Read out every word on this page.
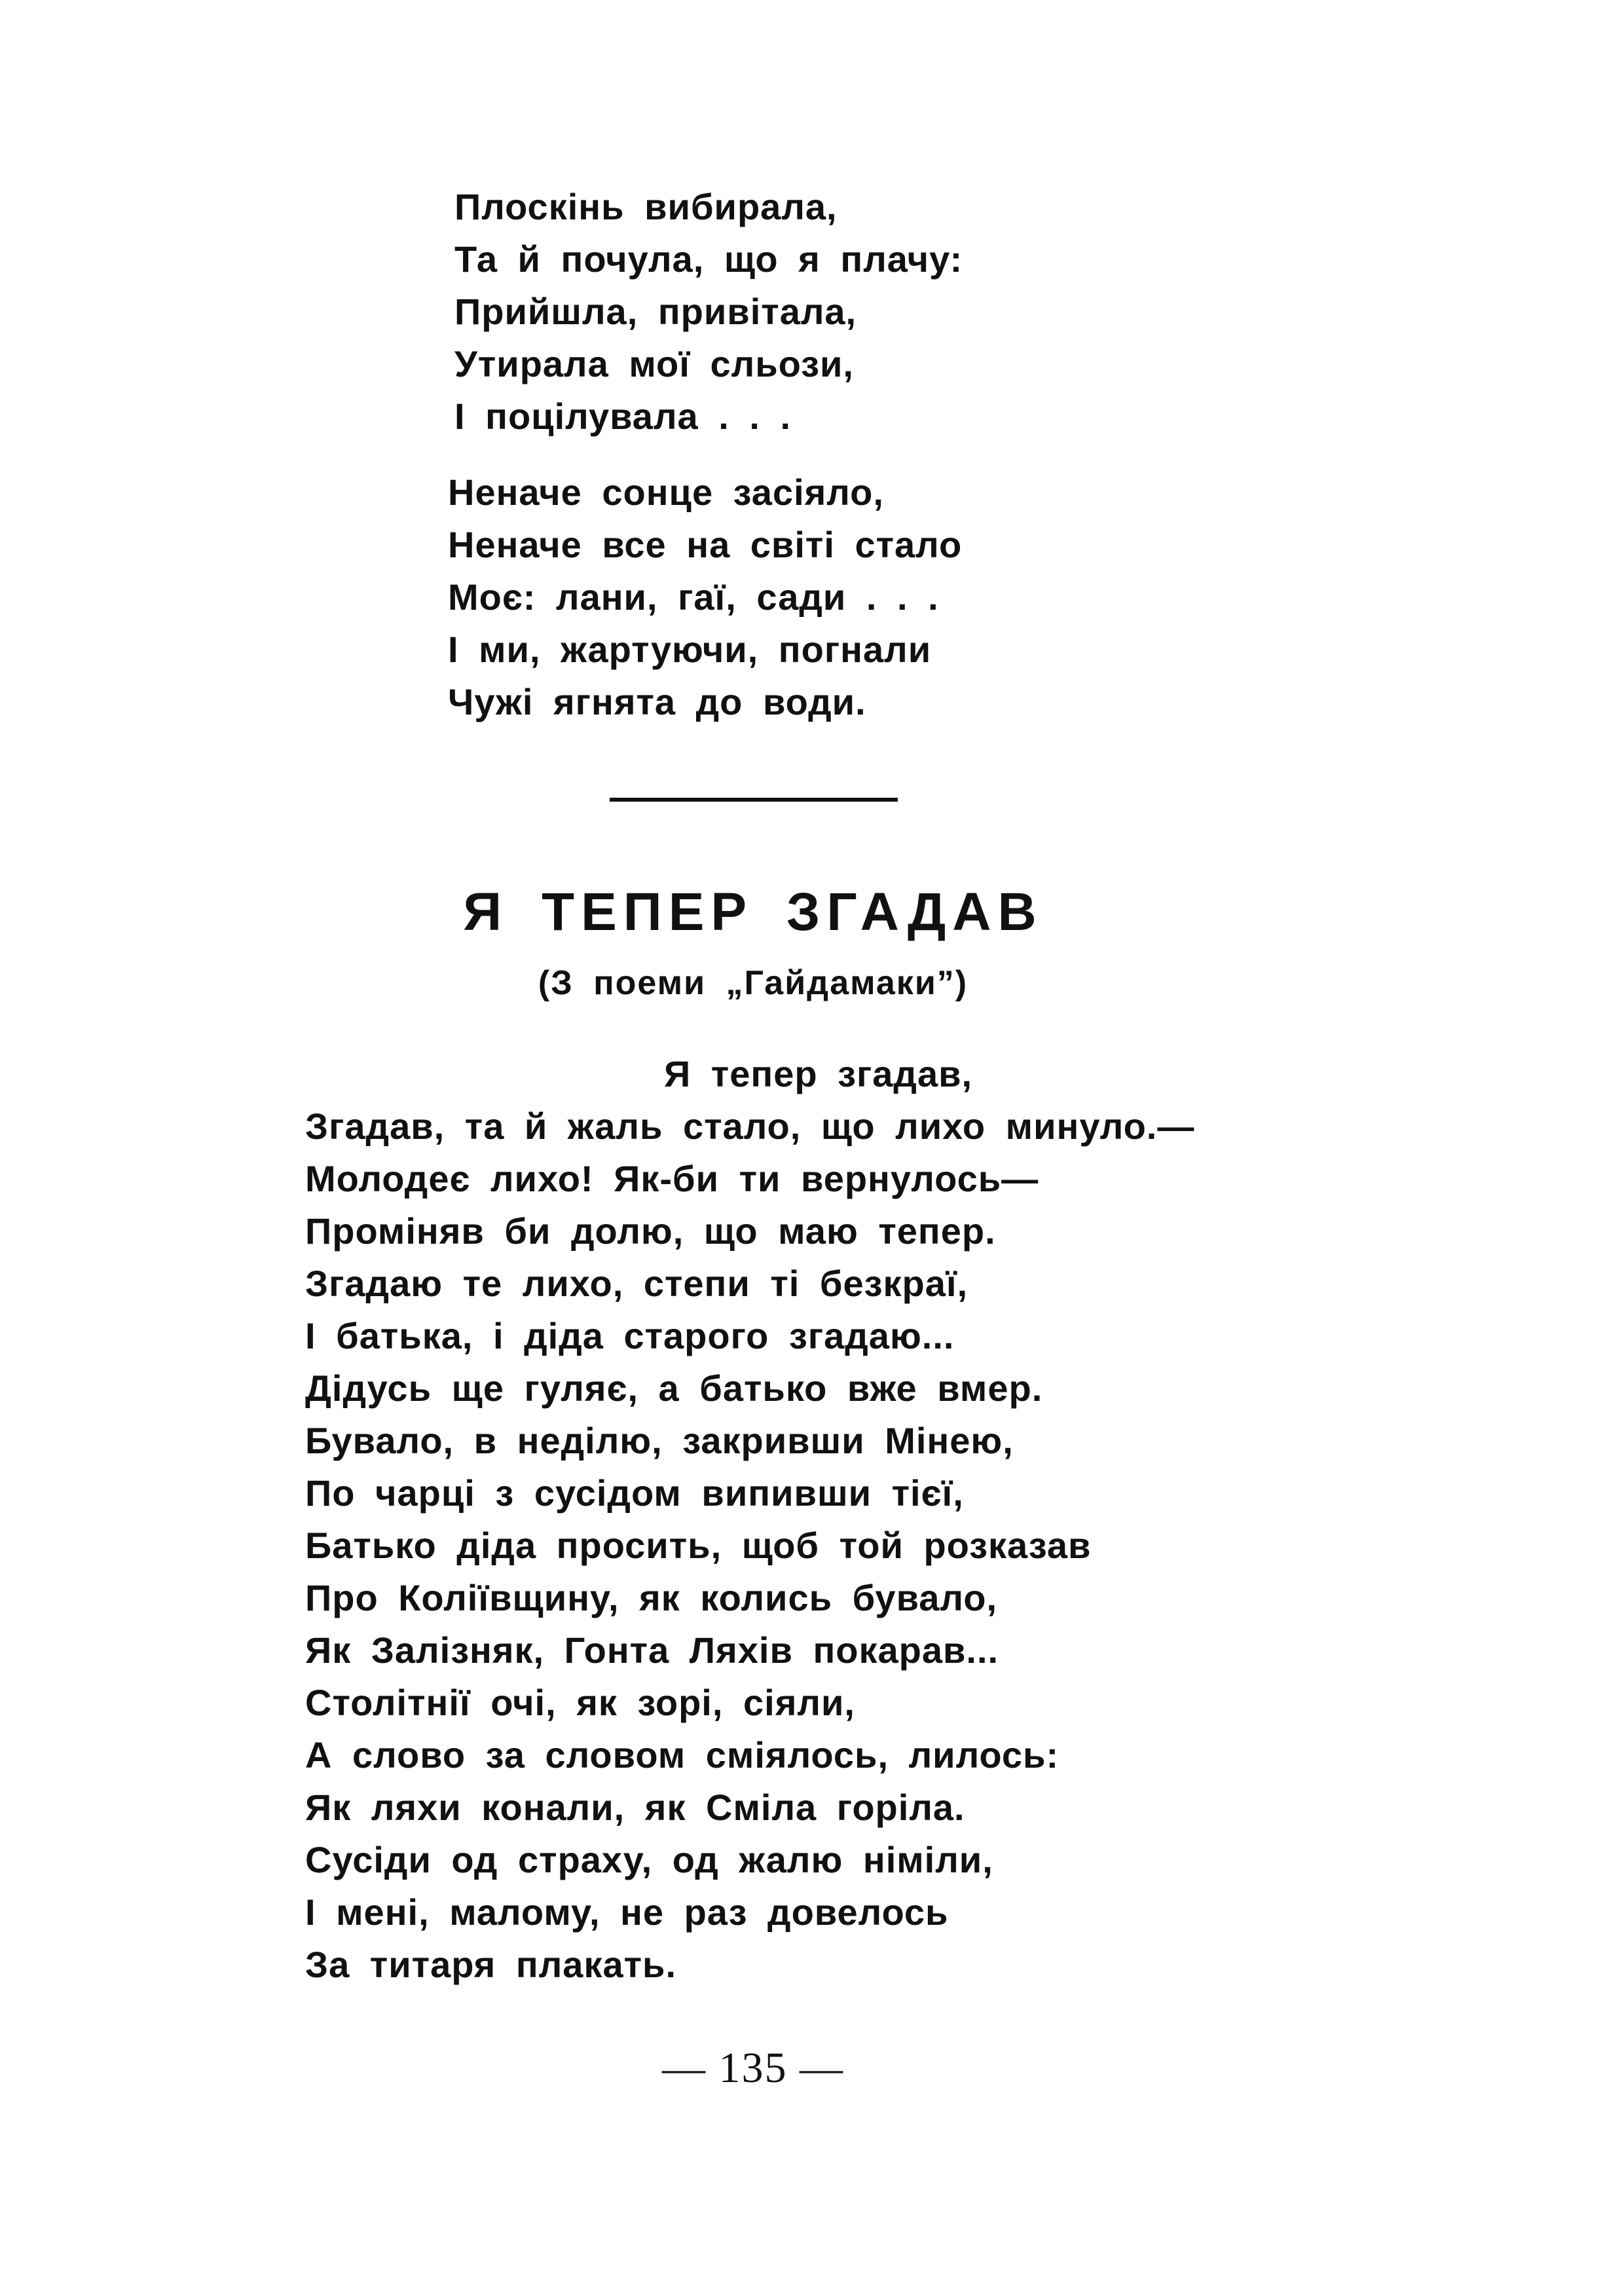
Плоскінь вибирала,
Та й почула, що я плачу:
Прийшла, привітала,
Утирала мої сльози,
І поцілувала . . .
Неначе сонце засіяло,
Неначе все на світі стало
Моє: лани, гаї, сади . . .
І ми, жартуючи, погнали
Чужі ягнята до води.
Я ТЕПЕР ЗГАДАВ
(З поеми „Гайдамаки”)
Я тепер згадав,
Згадав, та й жаль стало, що лихо минуло.—
Молодеє лихо! Як-би ти вернулось—
Проміняв би долю, що маю тепер.
Згадаю те лихо, степи ті безкраї,
І батька, і діда старого згадаю...
Дідусь ще гуляє, а батько вже вмер.
Бувало, в неділю, закривши Мінею,
По чарці з сусідом випивши тієї,
Батько діда просить, щоб той розказав
Про Коліївщину, як колись бувало,
Як Залізняк, Гонта Ляхів покарав...
Столітнії очі, як зорі, сіяли,
А слово за словом сміялось, лилось:
Як ляхи конали, як Сміла горіла.
Сусіди од страху, од жалю німіли,
І мені, малому, не раз довелось
За титаря плакать.
— 135 —
